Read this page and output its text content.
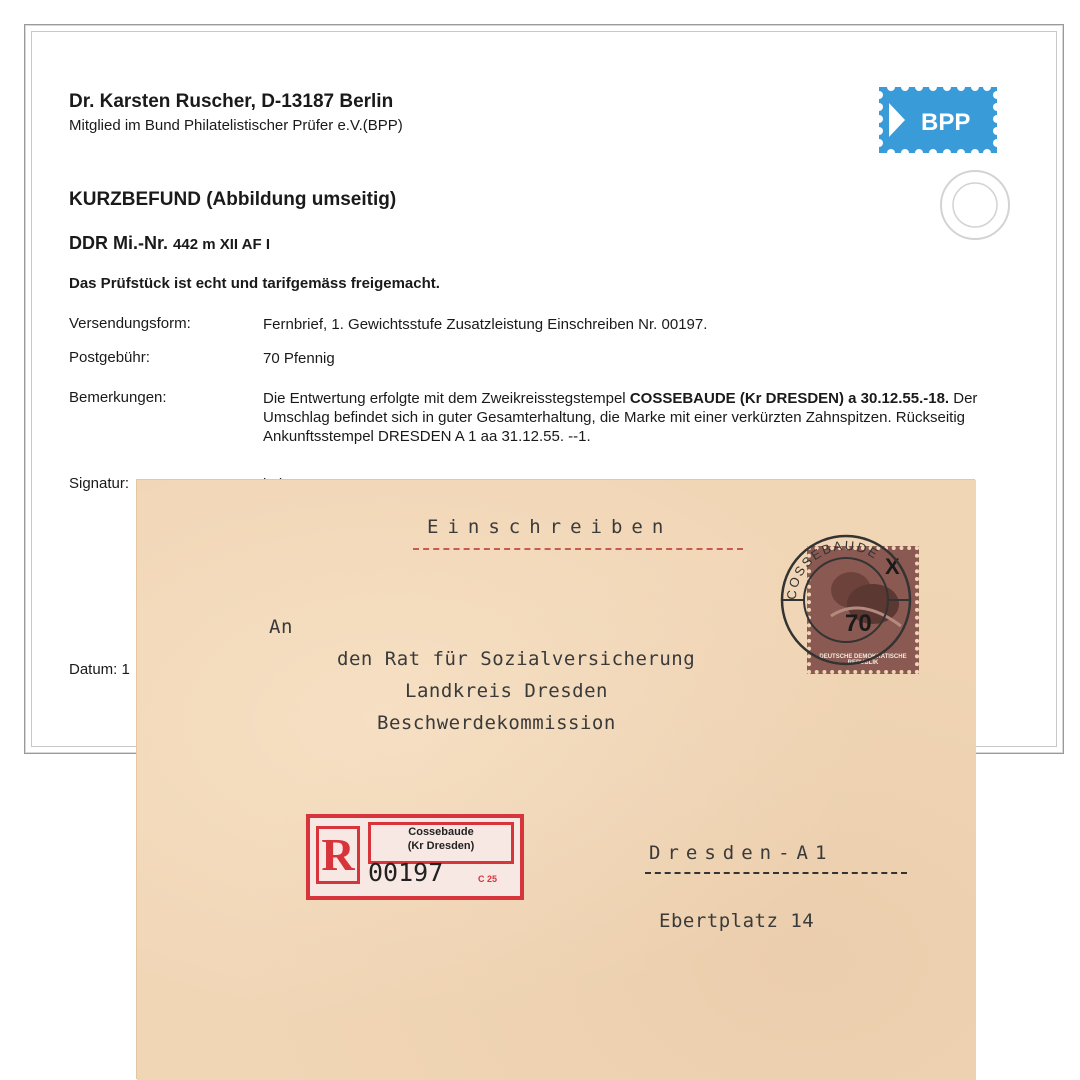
Dr. Karsten Ruscher, D-13187 Berlin
Mitglied im Bund Philatelistischer Prüfer e.V.(BPP)	BPP
KURZBEFUND (Abbildung umseitig)
DDR Mi.-Nr. 442 m XII AF I
Das Prüfstück ist echt und tarifgemäss freigemacht.
Versendungsform:	Fernbrief, 1. Gewichtsstufe Zusatzleistung Einschreiben Nr. 00197.
Postgebühr:	70 Pfennig
Bemerkungen:	Die Entwertung erfolgte mit dem Zweikreisstegstempel COSSEBAUDE (Kr DRESDEN) a 30.12.55.-18. Der Umschlag befindet sich in guter Gesamterhaltung, die Marke mit einer verkürzten Zahnspitzen. Rückseitig Ankunftsstempel DRESDEN A 1 aa 31.12.55. --1.
Signatur:
Datum: 1
Einschreiben
An
den Rat für Sozialversicherung
Landkreis Dresden
Beschwerdekommission
Dresden-A1
Ebertplatz 14
R	Cossebaude
(Kr Dresden)
00197	C 25
X
70
DEUTSCHE DEMOKRATISCHE REPUBLIK
COSSEBAUDE
